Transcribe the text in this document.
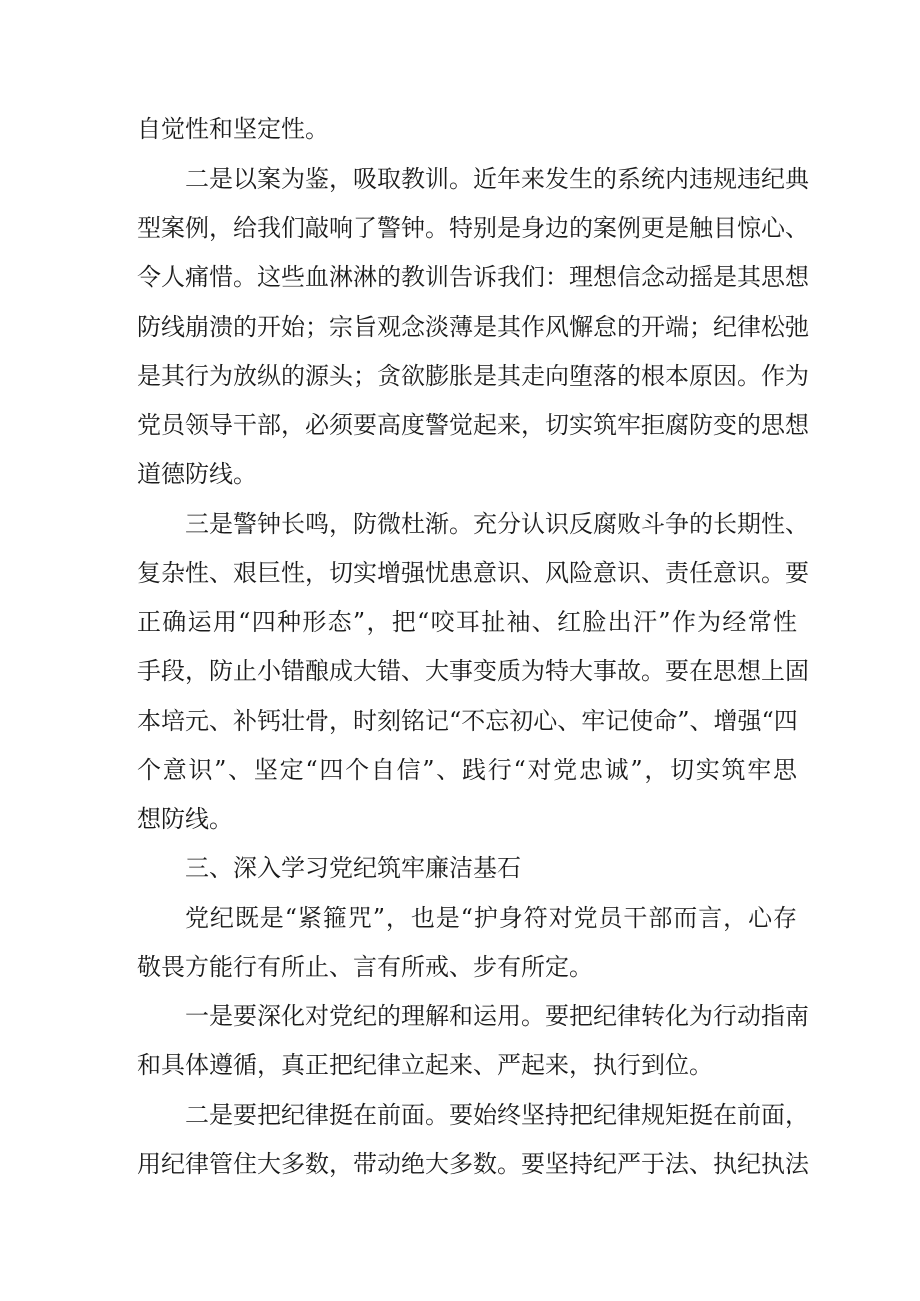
自觉性和坚定性。
二是以案为鉴，吸取教训。近年来发生的系统内违规违纪典
型案例，给我们敲响了警钟。特别是身边的案例更是触目惊心、
令人痛惜。这些血淋淋的教训告诉我们：理想信念动摇是其思想
防线崩溃的开始；宗旨观念淡薄是其作风懈怠的开端；纪律松弛
是其行为放纵的源头；贪欲膨胀是其走向堕落的根本原因。作为
党员领导干部，必须要高度警觉起来，切实筑牢拒腐防变的思想
道德防线。
三是警钟长鸣，防微杜渐。充分认识反腐败斗争的长期性、
复杂性、艰巨性，切实增强忧患意识、风险意识、责任意识。要
正确运用“四种形态”，把“咬耳扯袖、红脸出汗”作为经常性
手段，防止小错酿成大错、大事变质为特大事故。要在思想上固
本培元、补钙壮骨，时刻铭记“不忘初心、牢记使命”、增强“四
个意识”、坚定“四个自信”、践行“对党忠诚”，切实筑牢思
想防线。
三、深入学习党纪筑牢廉洁基石
党纪既是“紧箍咒”，也是“护身符对党员干部而言，心存
敬畏方能行有所止、言有所戒、步有所定。
一是要深化对党纪的理解和运用。要把纪律转化为行动指南
和具体遵循，真正把纪律立起来、严起来，执行到位。
二是要把纪律挺在前面。要始终坚持把纪律规矩挺在前面，
用纪律管住大多数，带动绝大多数。要坚持纪严于法、执纪执法
